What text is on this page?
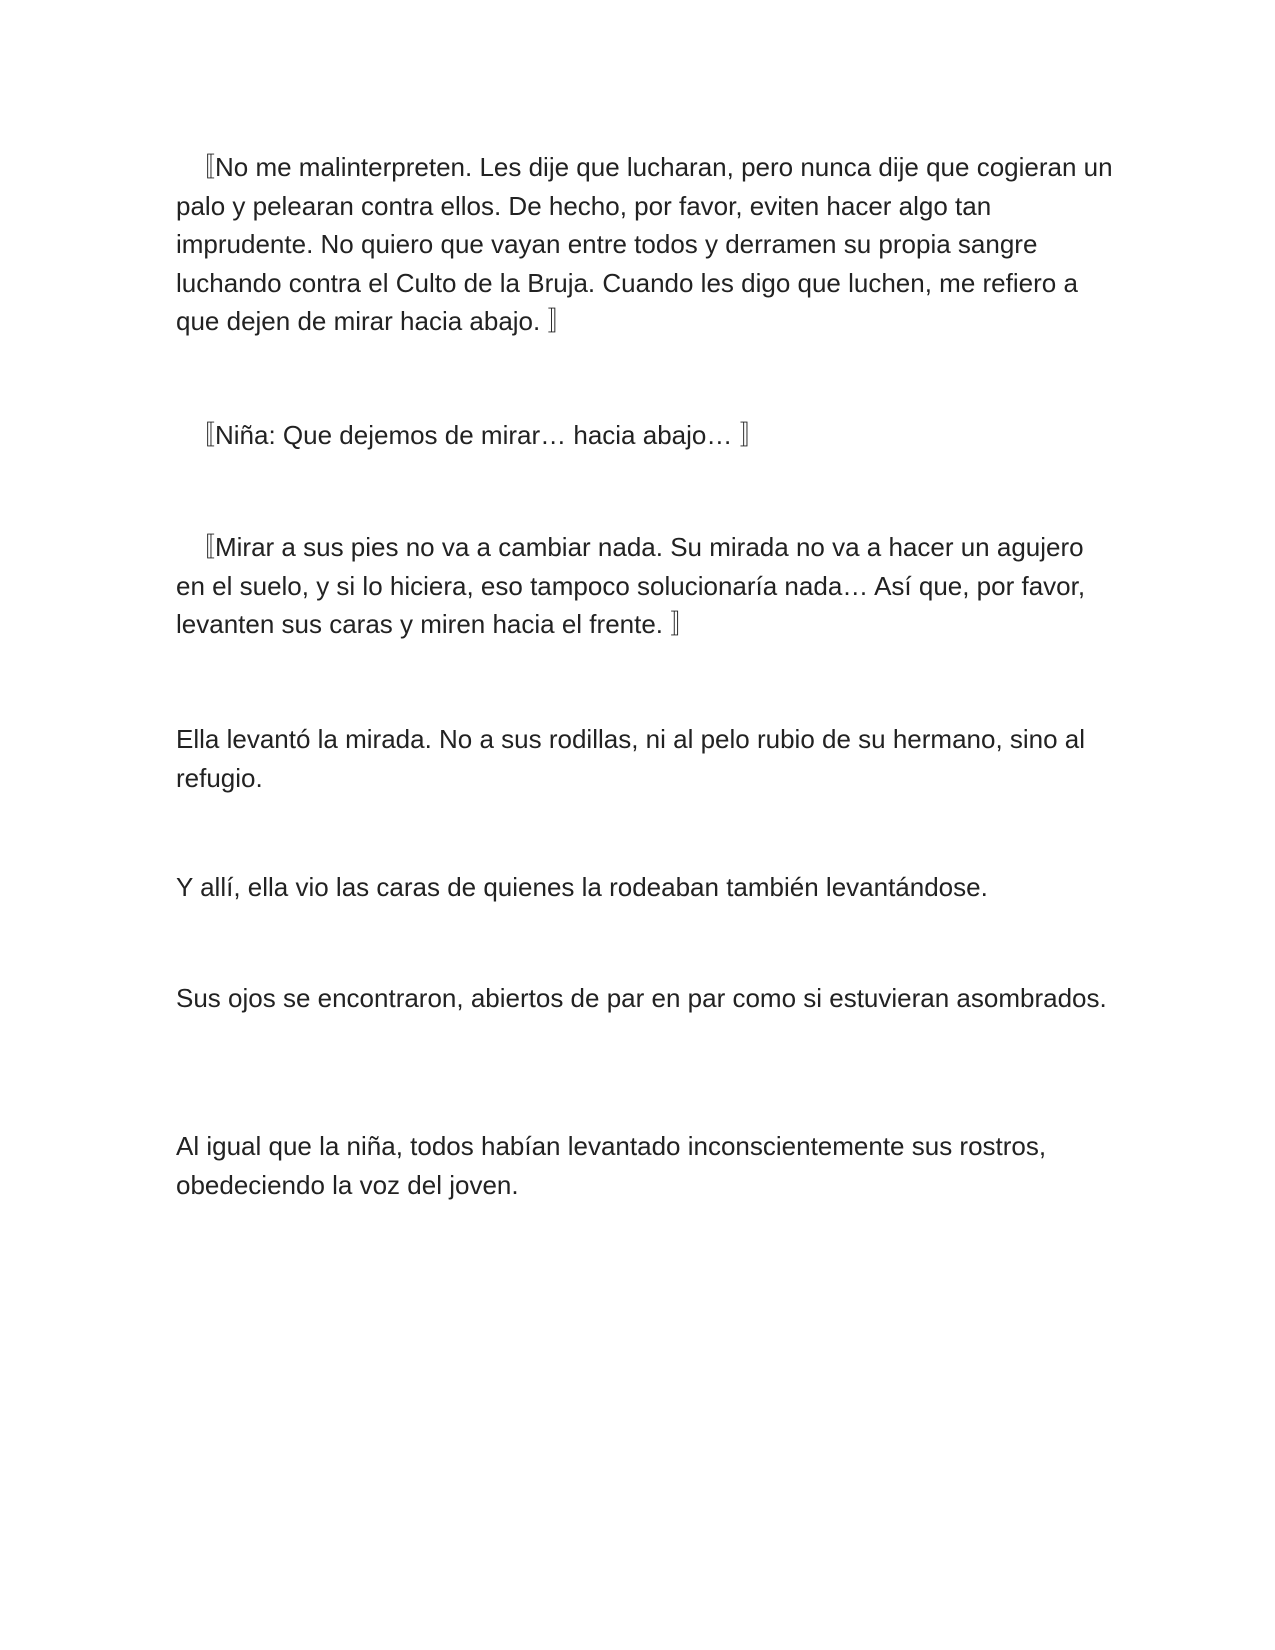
　〚No me malinterpreten. Les dije que lucharan, pero nunca dije que cogieran un palo y pelearan contra ellos. De hecho, por favor, eviten hacer algo tan imprudente. No quiero que vayan entre todos y derramen su propia sangre luchando contra el Culto de la Bruja. Cuando les digo que luchen, me refiero a que dejen de mirar hacia abajo. 〛

　〚Niña: Que dejemos de mirar… hacia abajo… 〛

　〚Mirar a sus pies no va a cambiar nada. Su mirada no va a hacer un agujero en el suelo, y si lo hiciera, eso tampoco solucionaría nada… Así que, por favor, levanten sus caras y miren hacia el frente. 〛

Ella levantó la mirada. No a sus rodillas, ni al pelo rubio de su hermano, sino al refugio.

Y allí, ella vio las caras de quienes la rodeaban también levantándose.

Sus ojos se encontraron, abiertos de par en par como si estuvieran asombrados.

Al igual que la niña, todos habían levantado inconscientemente sus rostros, obedeciendo la voz del joven.
